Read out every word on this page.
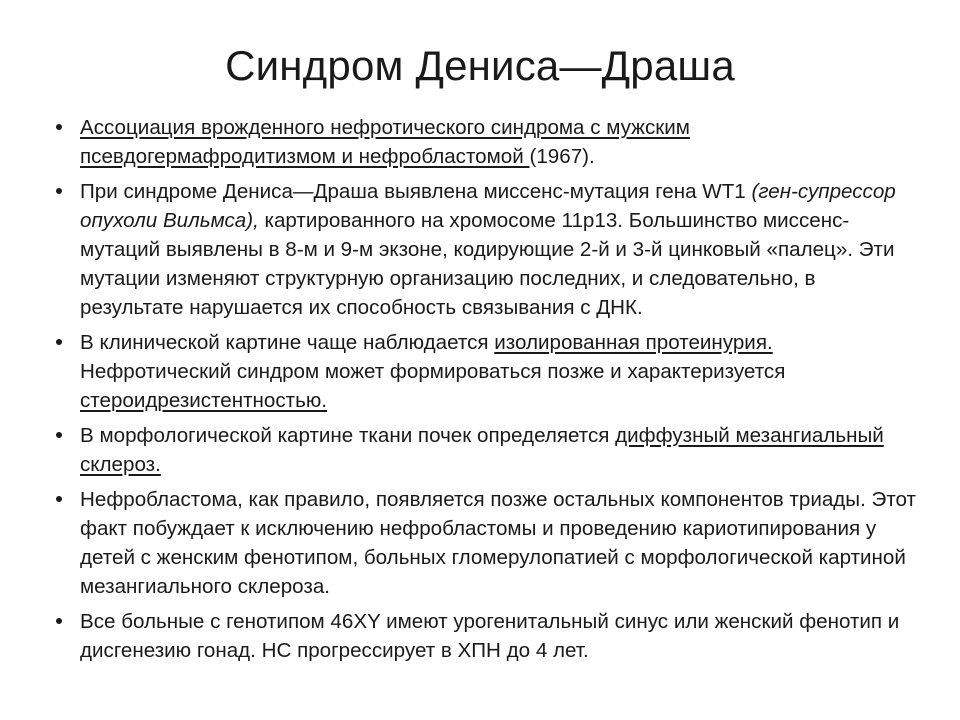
Синдром Дениса—Драша
Ассоциация врожденного нефротического синдрома с мужским псевдогермафродитизмом и нефробластомой (1967).
При синдроме Дениса—Драша выявлена миссенс-мутация гена WT1 (ген-супрессор опухоли Вильмса), картированного на хромосоме 11p13. Большинство миссенс-мутаций выявлены в 8-м и 9-м экзоне, кодирующие 2-й и 3-й цинковый «палец». Эти мутации изменяют структурную организацию последних, и следовательно, в результате нарушается их способность связывания с ДНК.
В клинической картине чаще наблюдается изолированная протеинурия. Нефротический синдром может формироваться позже и характеризуется стероидрезистентностью.
В морфологической картине ткани почек определяется диффузный мезангиальный склероз.
Нефробластома, как правило, появляется позже остальных компонентов триады. Этот факт побуждает к исключению нефробластомы и проведению кариотипирования у детей с женским фенотипом, больных гломерулопатией с морфологической картиной мезангиального склероза.
Все больные с генотипом 46XY имеют урогенитальный синус или женский фенотип и дисгенезию гонад. НС прогрессирует в ХПН до 4 лет.
